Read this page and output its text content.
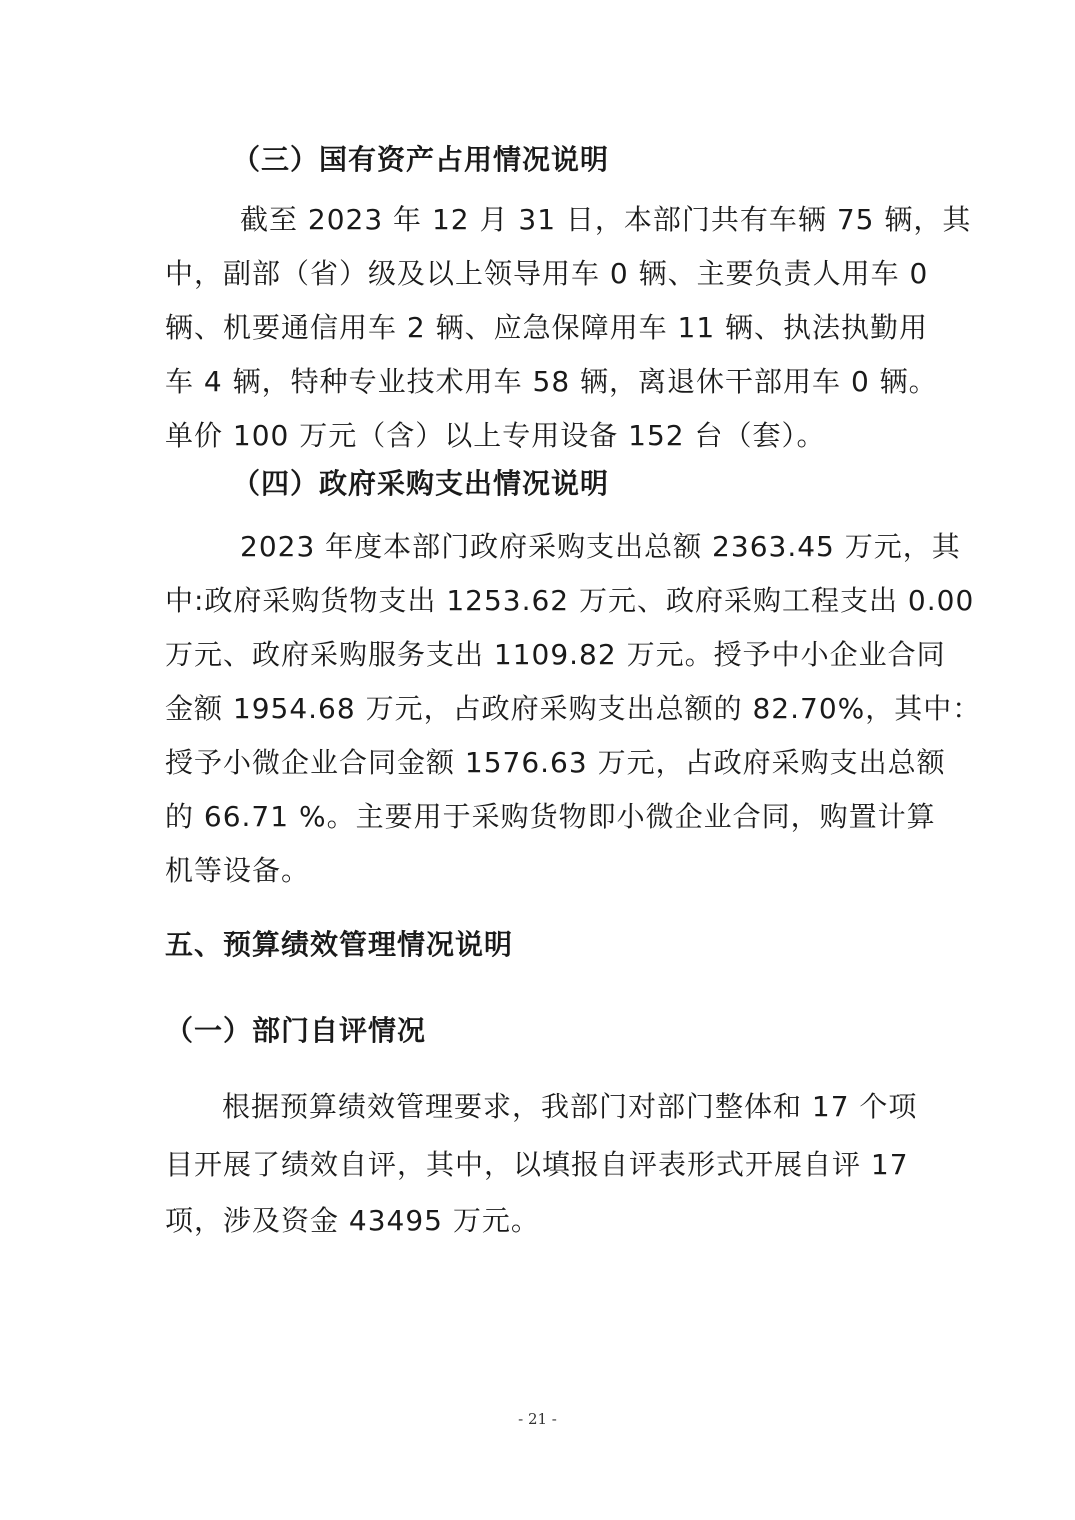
（三）国有资产占用情况说明
截至 2023 年 12 月 31 日，本部门共有车辆 75 辆，其
中，副部（省）级及以上领导用车 0 辆、主要负责人用车 0
辆、机要通信用车 2 辆、应急保障用车 11 辆、执法执勤用
车 4 辆，特种专业技术用车 58 辆，离退休干部用车 0 辆。
单价 100 万元（含）以上专用设备 152 台（套）。
（四）政府采购支出情况说明
2023 年度本部门政府采购支出总额 2363.45 万元，其
中:政府采购货物支出 1253.62 万元、政府采购工程支出 0.00
万元、政府采购服务支出 1109.82 万元。授予中小企业合同
金额 1954.68 万元，占政府采购支出总额的 82.70%，其中：
授予小微企业合同金额 1576.63 万元，占政府采购支出总额
的 66.71 %。主要用于采购货物即小微企业合同，购置计算
机等设备。
五、预算绩效管理情况说明
（一）部门自评情况
根据预算绩效管理要求，我部门对部门整体和 17 个项
目开展了绩效自评，其中，以填报自评表形式开展自评 17
项，涉及资金 43495 万元。
- 21 -
